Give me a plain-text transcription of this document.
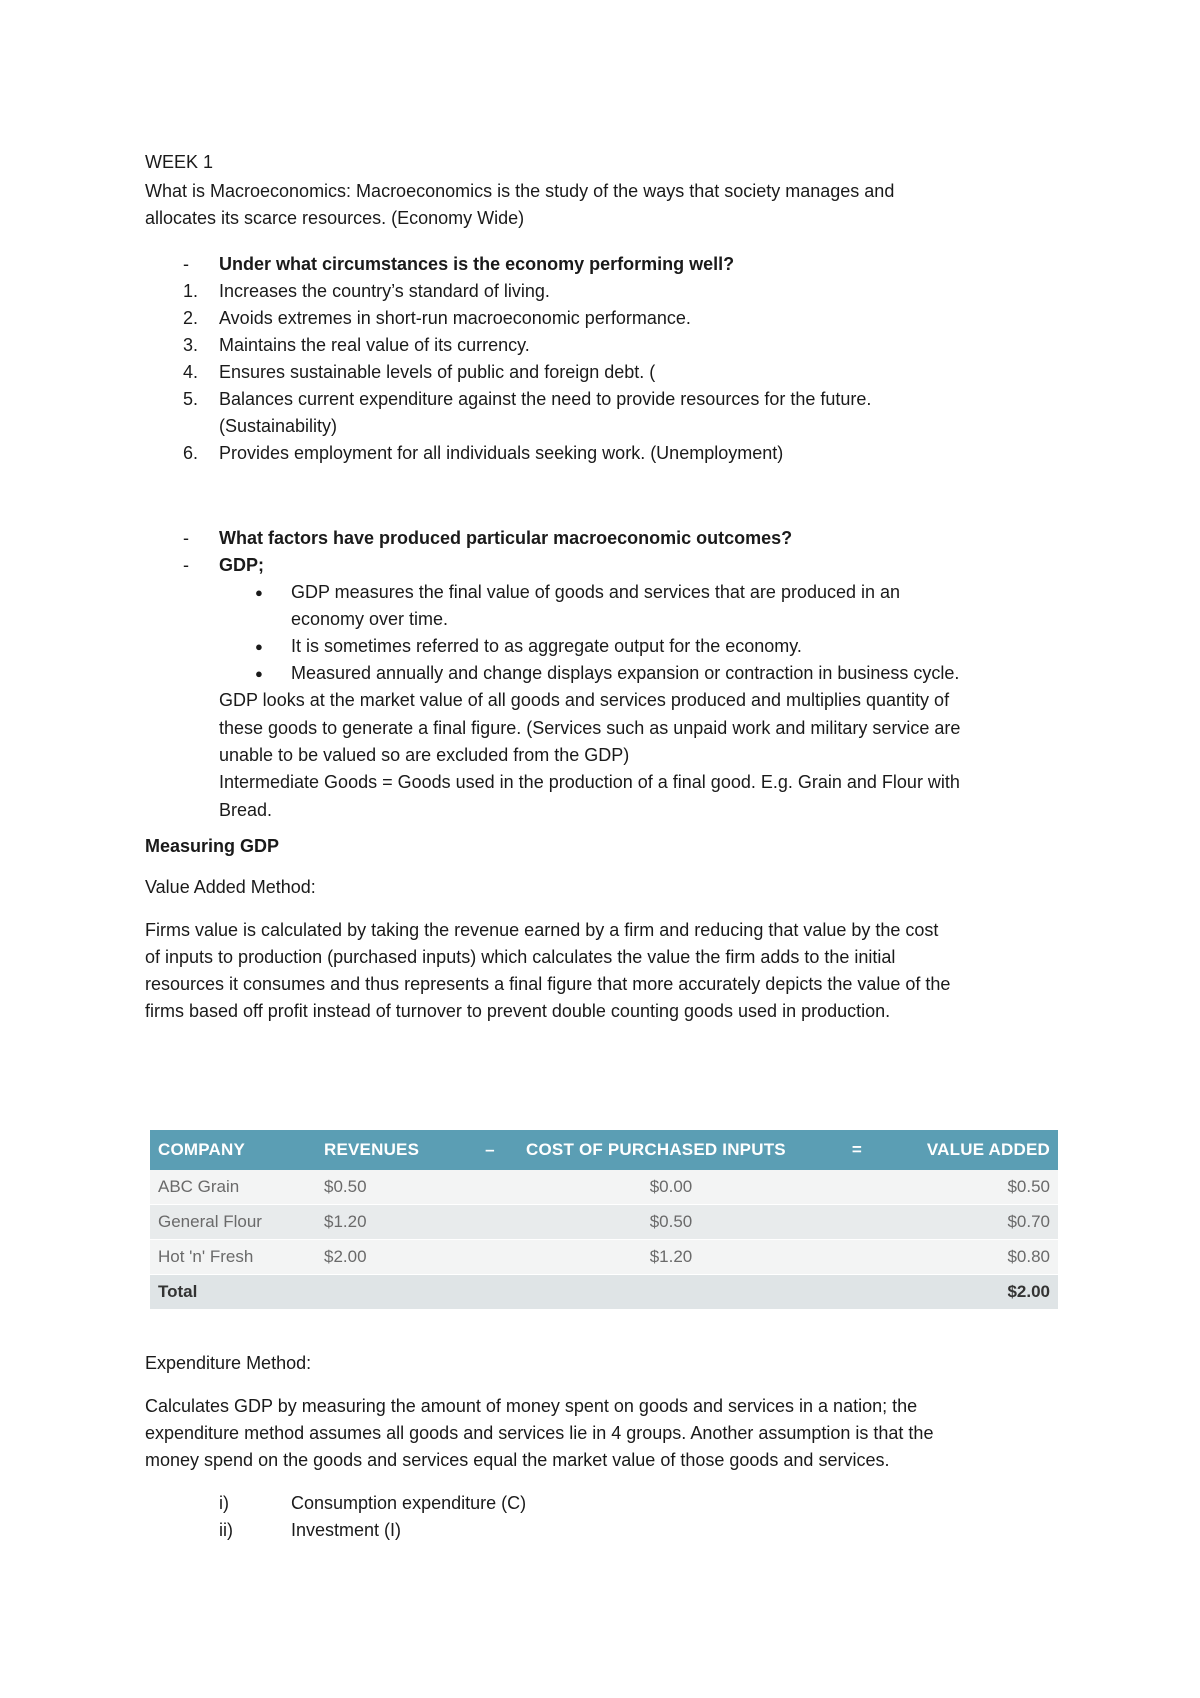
WEEK 1

What is Macroeconomics: Macroeconomics is the study of the ways that society manages and

allocates its scarce resources. (Economy Wide)

- Under what circumstances is the economy performing well?
1. Increases the country’s standard of living.
2. Avoids extremes in short-run macroeconomic performance.
3. Maintains the real value of its currency.
4. Ensures sustainable levels of public and foreign debt. (
5. Balances current expenditure against the need to provide resources for the future.
(Sustainability)
6. Provides employment for all individuals seeking work. (Unemployment)
- What factors have produced particular macroeconomic outcomes?
- GDP;
● GDP measures the final value of goods and services that are produced in an
economy over time.
● It is sometimes referred to as aggregate output for the economy.
● Measured annually and change displays expansion or contraction in business cycle.
GDP looks at the market value of all goods and services produced and multiplies quantity of
these goods to generate a final figure. (Services such as unpaid work and military service are
unable to be valued so are excluded from the GDP)
Intermediate Goods = Goods used in the production of a final good. E.g. Grain and Flour with
Bread.

Measuring GDP

Value Added Method:

Firms value is calculated by taking the revenue earned by a firm and reducing that value by the cost

of inputs to production (purchased inputs) which calculates the value the firm adds to the initial

resources it consumes and thus represents a final figure that more accurately depicts the value of the

firms based off profit instead of turnover to prevent double counting goods used in production.

COMPANY	REVENUES	–	COST OF PURCHASED INPUTS	=	VALUE ADDED
ABC Grain	$0.50		$0.00		$0.50
General Flour	$1.20		$0.50		$0.70
Hot 'n' Fresh	$2.00		$1.20		$0.80
Total					$2.00

Expenditure Method:

Calculates GDP by measuring the amount of money spent on goods and services in a nation; the

expenditure method assumes all goods and services lie in 4 groups. Another assumption is that the

money spend on the goods and services equal the market value of those goods and services.

i)	Consumption expenditure (C)
ii)	Investment (I)
